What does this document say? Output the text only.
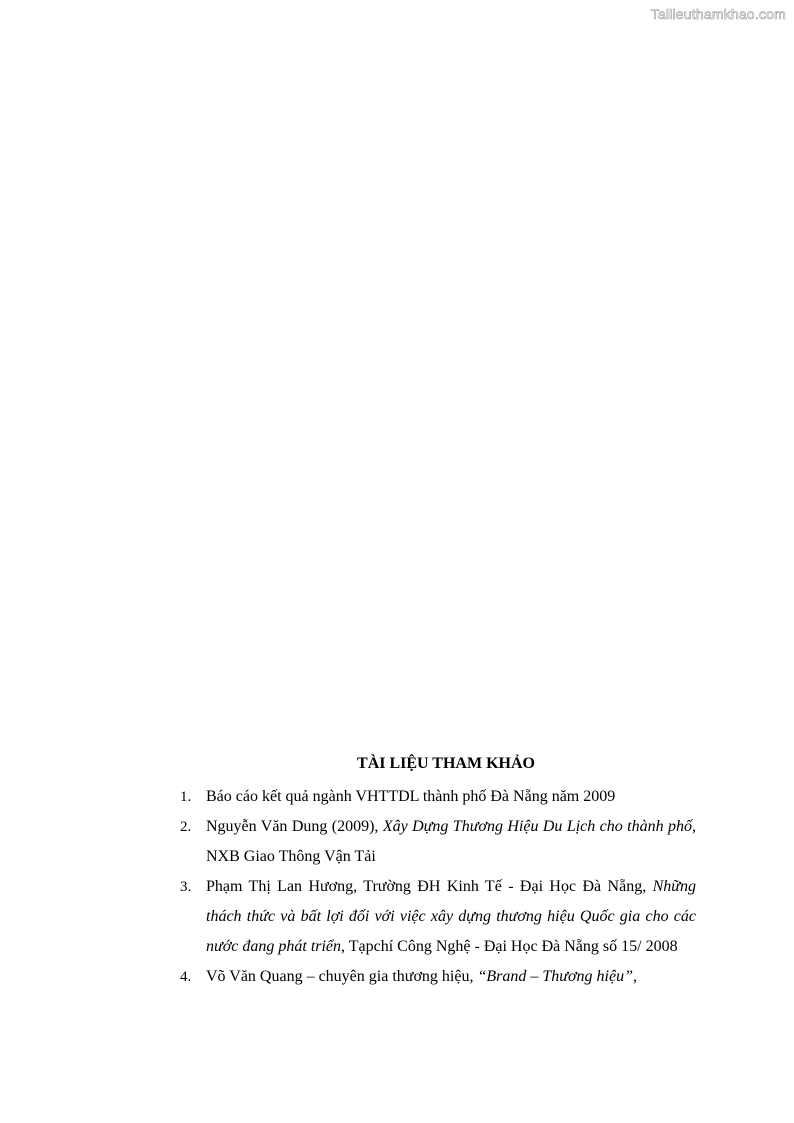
Tailieuthamkhao.com
TÀI LIỆU THAM KHẢO
1. Báo cáo kết quả ngành VHTTDL thành phố Đà Nẵng năm 2009
2. Nguyễn Văn Dung (2009), Xây Dựng Thương Hiệu Du Lịch cho thành phố, NXB Giao Thông Vận Tải
3. Phạm Thị Lan Hương, Trường ĐH Kinh Tế - Đại Học Đà Nẵng, Những thách thức và bất lợi đối với việc xây dựng thương hiệu Quốc gia cho các nước đang phát triển, Tạpchí Công Nghệ - Đại Học Đà Nẵng số 15/ 2008
4. Võ Văn Quang – chuyên gia thương hiệu, “Brand – Thương hiệu”,
